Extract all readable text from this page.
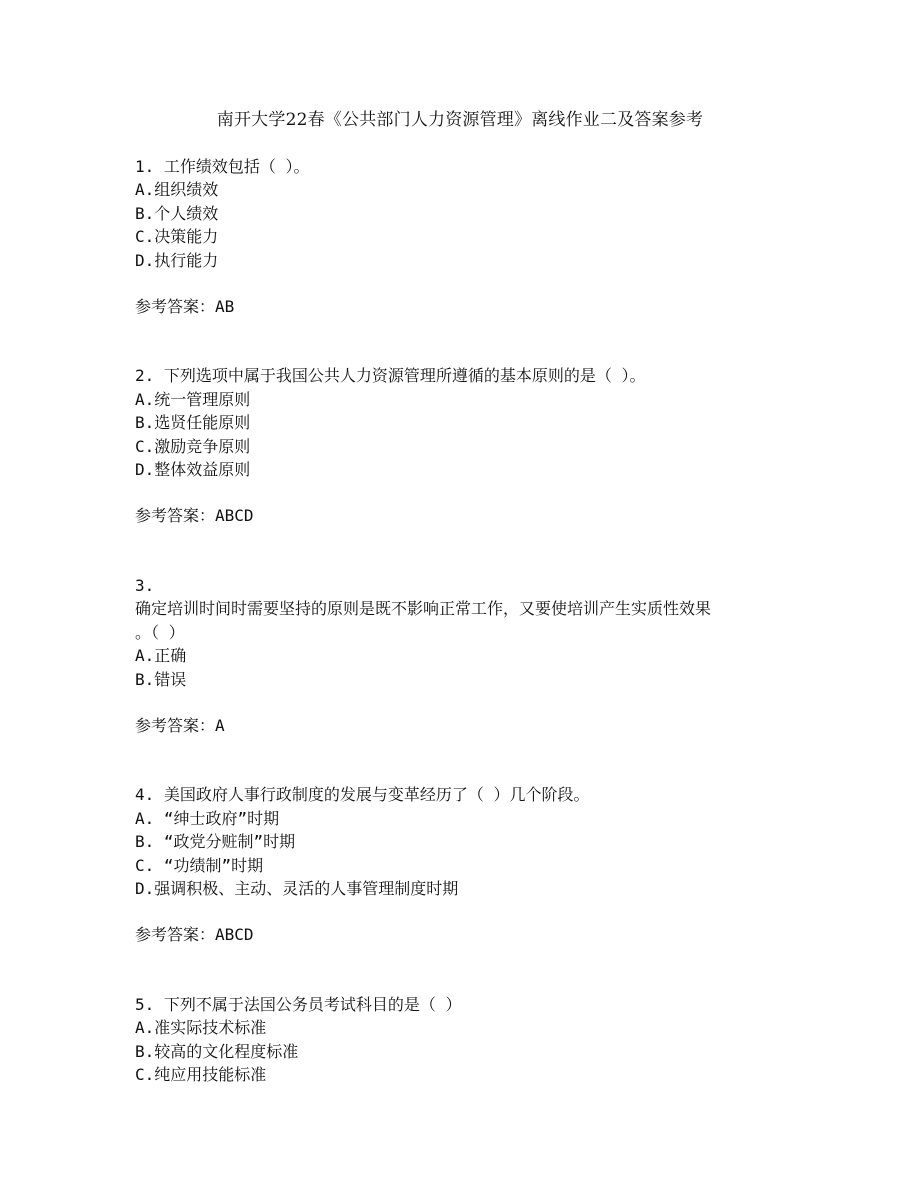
南开大学22春《公共部门人力资源管理》离线作业二及答案参考
1. 工作绩效包括（ ）。
A.组织绩效
B.个人绩效
C.决策能力
D.执行能力
参考答案：AB
2. 下列选项中属于我国公共人力资源管理所遵循的基本原则的是（ ）。
A.统一管理原则
B.选贤任能原则
C.激励竞争原则
D.整体效益原则
参考答案：ABCD
3.
确定培训时间时需要坚持的原则是既不影响正常工作，又要使培训产生实质性效果
。（ ）
A.正确
B.错误
参考答案：A
4. 美国政府人事行政制度的发展与变革经历了（ ）几个阶段。
A. “绅士政府”时期
B. “政党分赃制”时期
C. “功绩制”时期
D.强调积极、主动、灵活的人事管理制度时期
参考答案：ABCD
5. 下列不属于法国公务员考试科目的是（ ）
A.准实际技术标准
B.较高的文化程度标准
C.纯应用技能标准
